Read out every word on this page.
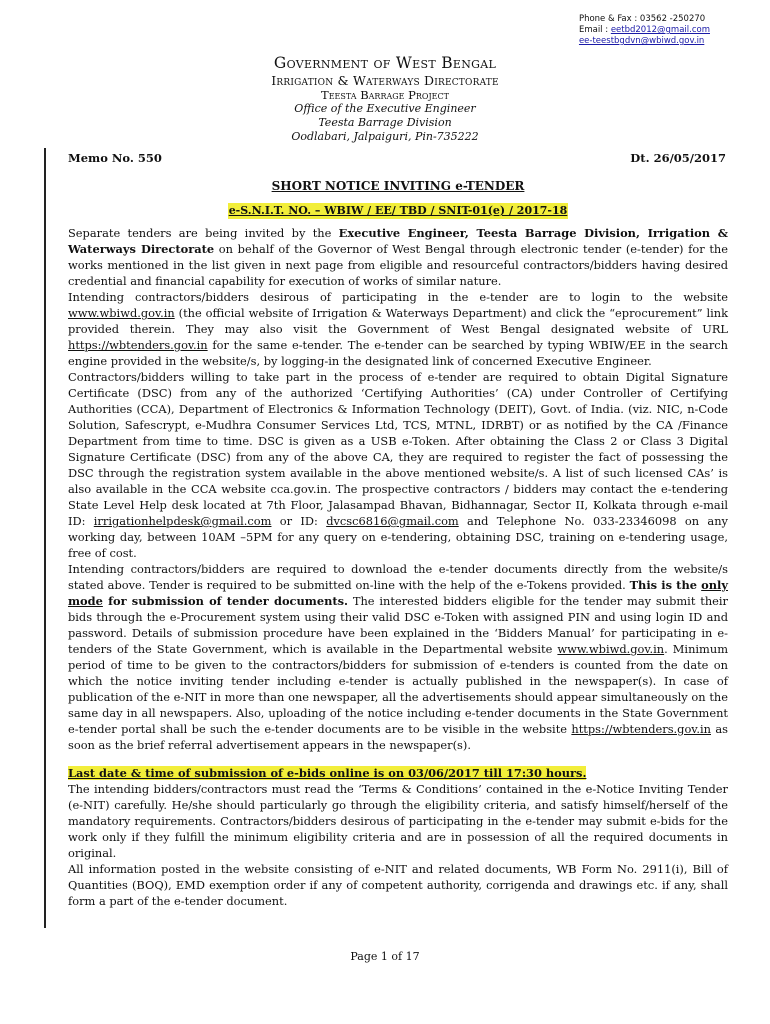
Phone & Fax : 03562 -250270
Email : eetbd2012@gmail.com
ee-teestbgdvn@wbiwd.gov.in
Government of West Bengal
Irrigation & Waterways Directorate
Teesta Barrage Project
Office of the Executive Engineer
Teesta Barrage Division
Oodlabari, Jalpaiguri, Pin-735222
Memo No. 550	Dt. 26/05/2017
SHORT NOTICE INVITING e-TENDER
e-S.N.I.T. NO. – WBIW / EE/ TBD / SNIT-01(e) / 2017-18

Separate tenders are being invited by the Executive Engineer, Teesta Barrage Division, Irrigation & Waterways Directorate on behalf of the Governor of West Bengal through electronic tender (e-tender) for the works mentioned in the list given in next page from eligible and resourceful contractors/bidders having desired credential and financial capability for execution of works of similar nature.

Intending contractors/bidders desirous of participating in the e-tender are to login to the website www.wbiwd.gov.in (the official website of Irrigation & Waterways Department) and click the “eprocurement” link provided therein. They may also visit the Government of West Bengal designated website of URL https://wbtenders.gov.in for the same e-tender. The e-tender can be searched by typing WBIW/EE in the search engine provided in the website/s, by logging-in the designated link of concerned Executive Engineer.

Contractors/bidders willing to take part in the process of e-tender are required to obtain Digital Signature Certificate (DSC) from any of the authorized ‘Certifying Authorities’ (CA) under Controller of Certifying Authorities (CCA), Department of Electronics & Information Technology (DEIT), Govt. of India. (viz. NIC, n-Code Solution, Safescrypt, e-Mudhra Consumer Services Ltd, TCS, MTNL, IDRBT) or as notified by the CA /Finance Department from time to time. DSC is given as a USB e-Token. After obtaining the Class 2 or Class 3 Digital Signature Certificate (DSC) from any of the above CA, they are required to register the fact of possessing the DSC through the registration system available in the above mentioned website/s. A list of such licensed CAs’ is also available in the CCA website cca.gov.in. The prospective contractors / bidders may contact the e-tendering State Level Help desk located at 7th Floor, Jalasampad Bhavan, Bidhannagar, Sector II, Kolkata through e-mail ID: irrigationhelpdesk@gmail.com or ID: dvcsc6816@gmail.com and Telephone No. 033-23346098 on any working day, between 10AM –5PM for any query on e-tendering, obtaining DSC, training on e-tendering usage, free of cost.

Intending contractors/bidders are required to download the e-tender documents directly from the website/s stated above. Tender is required to be submitted on-line with the help of the e-Tokens provided. This is the only mode for submission of tender documents. The interested bidders eligible for the tender may submit their bids through the e-Procurement system using their valid DSC e-Token with assigned PIN and using login ID and password. Details of submission procedure have been explained in the ‘Bidders Manual’ for participating in e-tenders of the State Government, which is available in the Departmental website www.wbiwd.gov.in. Minimum period of time to be given to the contractors/bidders for submission of e-tenders is counted from the date on which the notice inviting tender including e-tender is actually published in the newspaper(s). In case of publication of the e-NIT in more than one newspaper, all the advertisements should appear simultaneously on the same day in all newspapers. Also, uploading of the notice including e-tender documents in the State Government e-tender portal shall be such the e-tender documents are to be visible in the website https://wbtenders.gov.in as soon as the brief referral advertisement appears in the newspaper(s).

Last date & time of submission of e-bids online is on 03/06/2017 till 17:30 hours.

The intending bidders/contractors must read the ‘Terms & Conditions’ contained in the e-Notice Inviting Tender (e-NIT) carefully. He/she should particularly go through the eligibility criteria, and satisfy himself/herself of the mandatory requirements. Contractors/bidders desirous of participating in the e-tender may submit e-bids for the work only if they fulfill the minimum eligibility criteria and are in possession of all the required documents in original.

All information posted in the website consisting of e-NIT and related documents, WB Form No. 2911(i), Bill of Quantities (BOQ), EMD exemption order if any of competent authority, corrigenda and drawings etc. if any, shall form a part of the e-tender document.

Page 1 of 17
